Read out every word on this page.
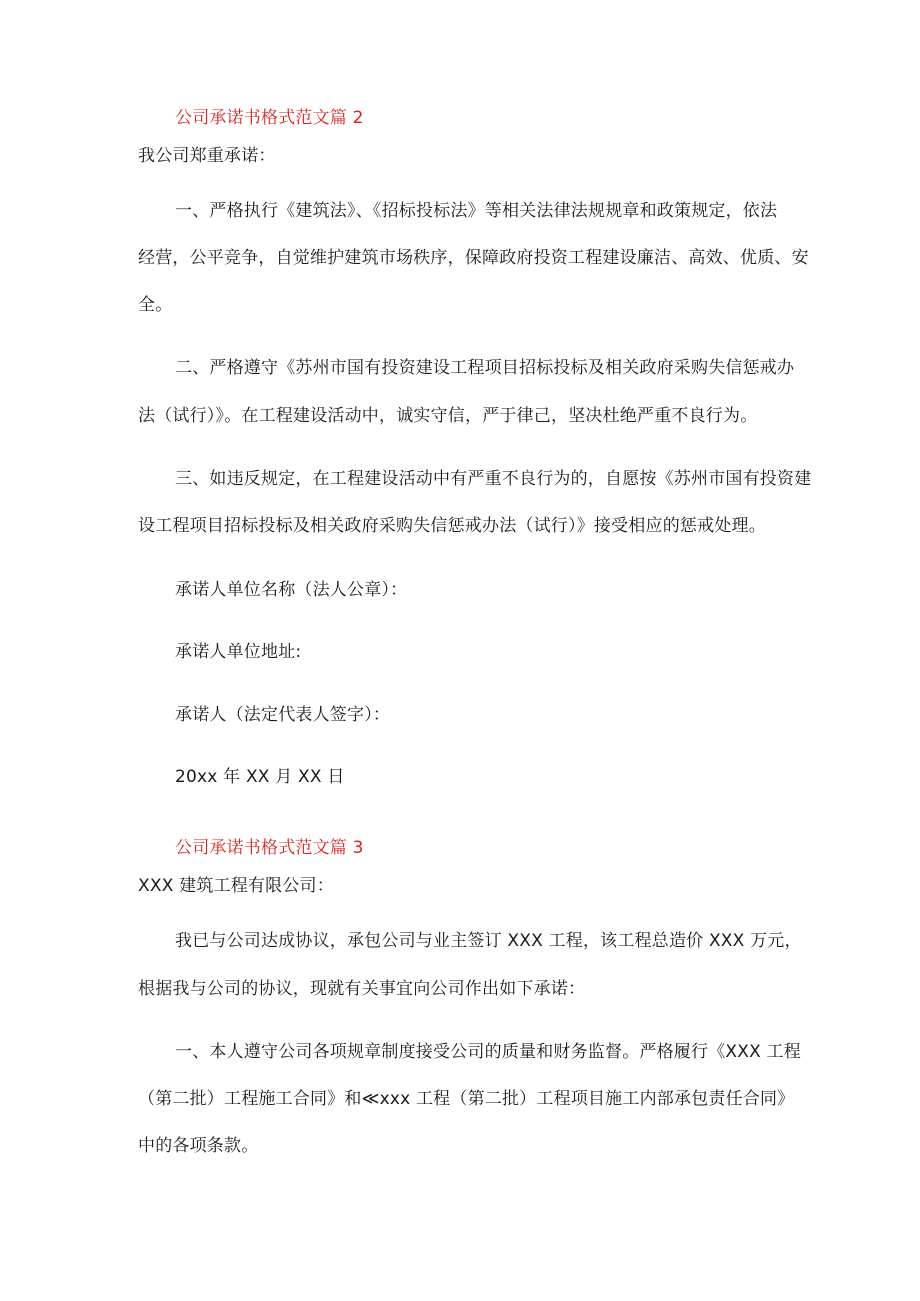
公司承诺书格式范文篇 2
我公司郑重承诺：
一、严格执行《建筑法》、《招标投标法》等相关法律法规规章和政策规定，依法
经营，公平竞争，自觉维护建筑市场秩序，保障政府投资工程建设廉洁、高效、优质、安
全。
二、严格遵守《苏州市国有投资建设工程项目招标投标及相关政府采购失信惩戒办
法（试行）》。在工程建设活动中，诚实守信，严于律己，坚决杜绝严重不良行为。
三、如违反规定，在工程建设活动中有严重不良行为的，自愿按《苏州市国有投资建
设工程项目招标投标及相关政府采购失信惩戒办法（试行）》接受相应的惩戒处理。
承诺人单位名称（法人公章）：
承诺人单位地址:
承诺人（法定代表人签字）：
20xx 年 XX 月 XX 日
公司承诺书格式范文篇 3
XXX 建筑工程有限公司：
我已与公司达成协议，承包公司与业主签订 XXX 工程，该工程总造价 XXX 万元，
根据我与公司的协议，现就有关事宜向公司作出如下承诺：
一、本人遵守公司各项规章制度接受公司的质量和财务监督。严格履行《XXX 工程
（第二批）工程施工合同》和≪xxx 工程（第二批）工程项目施工内部承包责任合同》
中的各项条款。
